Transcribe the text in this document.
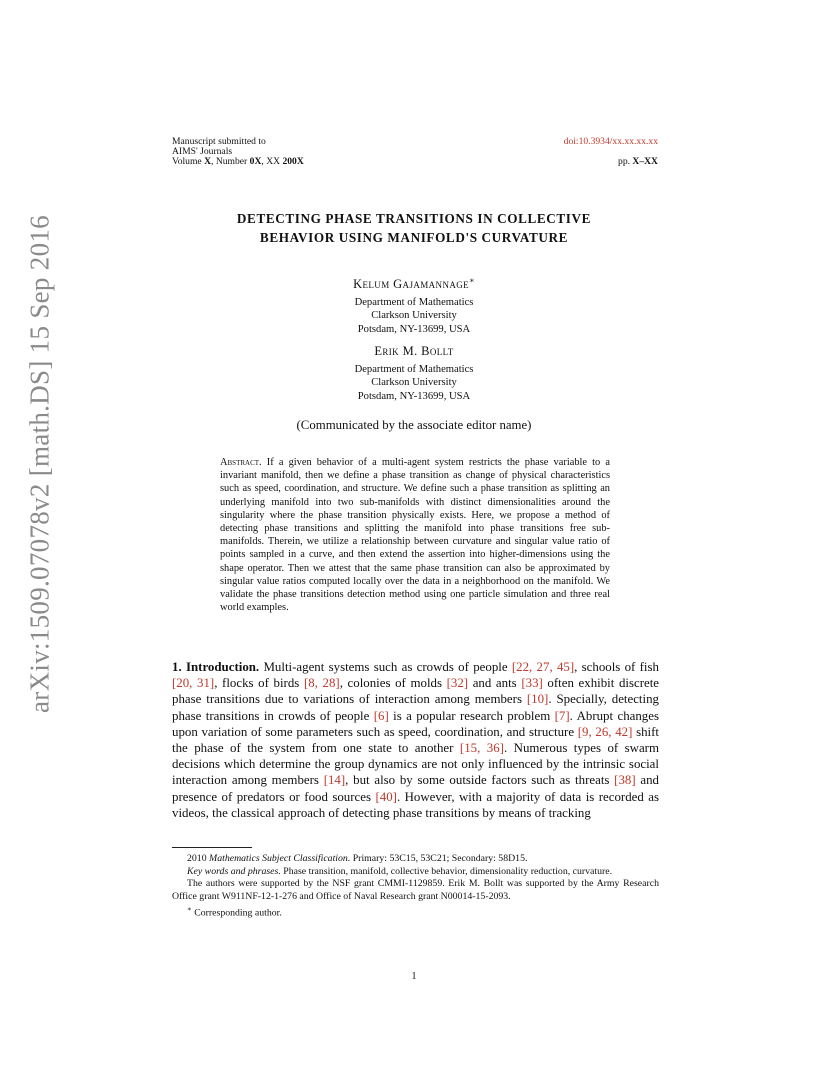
arXiv:1509.07078v2 [math.DS] 15 Sep 2016
Manuscript submitted to
AIMS' Journals
Volume X, Number 0X, XX 200X
doi:10.3934/xx.xx.xx.xx
pp. X–XX
DETECTING PHASE TRANSITIONS IN COLLECTIVE
BEHAVIOR USING MANIFOLD'S CURVATURE
Kelum Gajamannage∗
Department of Mathematics
Clarkson University
Potsdam, NY-13699, USA
Erik M. Bollt
Department of Mathematics
Clarkson University
Potsdam, NY-13699, USA
(Communicated by the associate editor name)
Abstract. If a given behavior of a multi-agent system restricts the phase variable to a invariant manifold, then we define a phase transition as change of physical characteristics such as speed, coordination, and structure. We define such a phase transition as splitting an underlying manifold into two sub-manifolds with distinct dimensionalities around the singularity where the phase transition physically exists. Here, we propose a method of detecting phase transitions and splitting the manifold into phase transitions free sub-manifolds. Therein, we utilize a relationship between curvature and singular value ratio of points sampled in a curve, and then extend the assertion into higher-dimensions using the shape operator. Then we attest that the same phase transition can also be approximated by singular value ratios computed locally over the data in a neighborhood on the manifold. We validate the phase transitions detection method using one particle simulation and three real world examples.
1. Introduction. Multi-agent systems such as crowds of people [22, 27, 45], schools of fish [20, 31], flocks of birds [8, 28], colonies of molds [32] and ants [33] often exhibit discrete phase transitions due to variations of interaction among members [10]. Specially, detecting phase transitions in crowds of people [6] is a popular research problem [7]. Abrupt changes upon variation of some parameters such as speed, coordination, and structure [9, 26, 42] shift the phase of the system from one state to another [15, 36]. Numerous types of swarm decisions which determine the group dynamics are not only influenced by the intrinsic social interaction among members [14], but also by some outside factors such as threats [38] and presence of predators or food sources [40]. However, with a majority of data is recorded as videos, the classical approach of detecting phase transitions by means of tracking

2010 Mathematics Subject Classification. Primary: 53C15, 53C21; Secondary: 58D15.

Key words and phrases. Phase transition, manifold, collective behavior, dimensionality reduction, curvature.

The authors were supported by the NSF grant CMMI-1129859. Erik M. Bollt was supported by the Army Research Office grant W911NF-12-1-276 and Office of Naval Research grant N00014-15-2093.

∗ Corresponding author.

1
